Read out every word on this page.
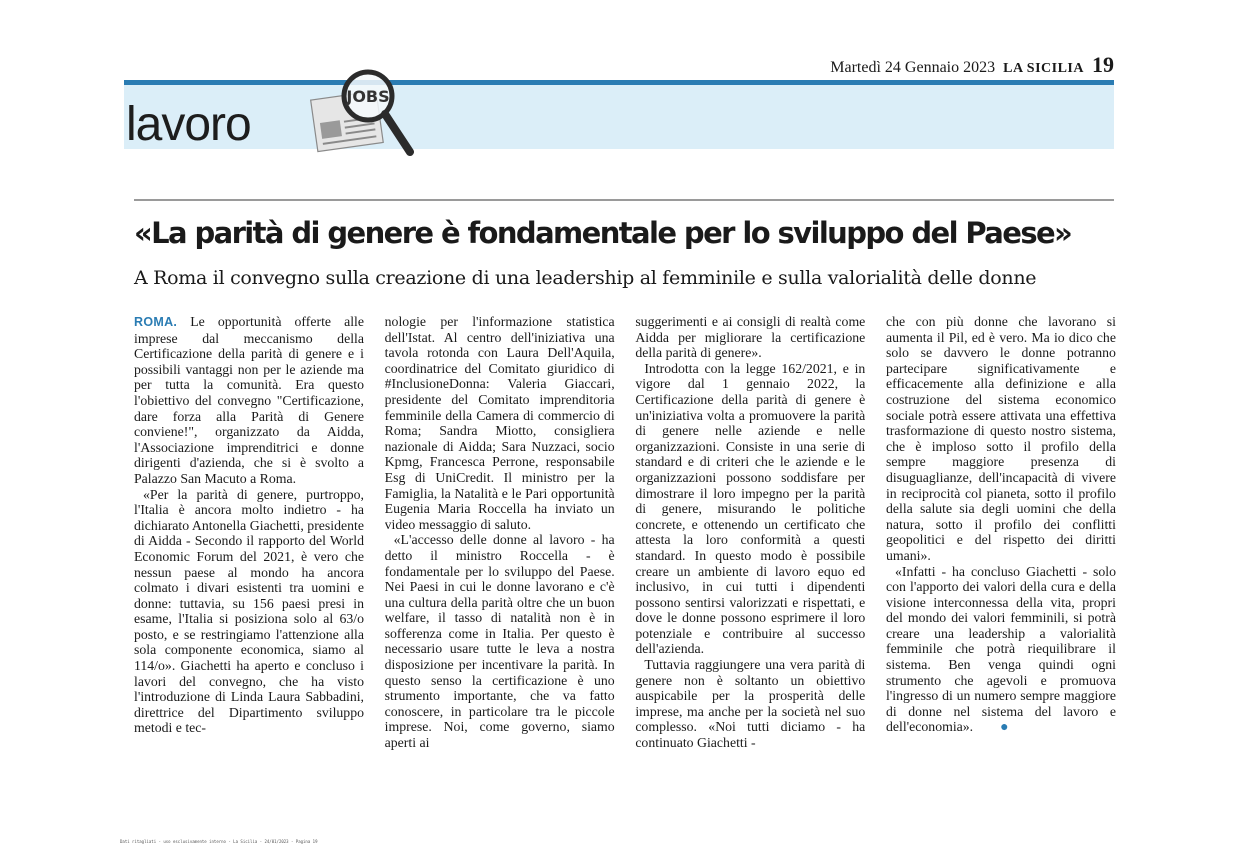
Martedì 24 Gennaio 2023 LA SICILIA 19
lavoro
JOBS
«La parità di genere è fondamentale per lo sviluppo del Paese»
A Roma il convegno sulla creazione di una leadership al femminile e sulla valorialità delle donne

ROMA. Le opportunità offerte alle imprese dal meccanismo della Certificazione della parità di genere e i possibili vantaggi non per le aziende ma per tutta la comunità. Era questo l'obiettivo del convegno "Certificazione, dare forza alla Parità di Genere conviene!", organizzato da Aidda, l'Associazione imprenditrici e donne dirigenti d'azienda, che si è svolto a Palazzo San Macuto a Roma.

«Per la parità di genere, purtroppo, l'Italia è ancora molto indietro - ha dichiarato Antonella Giachetti, presidente di Aidda - Secondo il rapporto del World Economic Forum del 2021, è vero che nessun paese al mondo ha ancora colmato i divari esistenti tra uomini e donne: tuttavia, su 156 paesi presi in esame, l'Italia si posiziona solo al 63/o posto, e se restringiamo l'attenzione alla sola componente economica, siamo al 114/o». Giachetti ha aperto e concluso i lavori del convegno, che ha visto l'introduzione di Linda Laura Sabbadini, direttrice del Dipartimento sviluppo metodi e tec-

nologie per l'informazione statistica dell'Istat. Al centro dell'iniziativa una tavola rotonda con Laura Dell'Aquila, coordinatrice del Comitato giuridico di #InclusioneDonna: Valeria Giaccari, presidente del Comitato imprenditoria femminile della Camera di commercio di Roma; Sandra Miotto, consigliera nazionale di Aidda; Sara Nuzzaci, socio Kpmg, Francesca Perrone, responsabile Esg di UniCredit. Il ministro per la Famiglia, la Natalità e le Pari opportunità Eugenia Maria Roccella ha inviato un video messaggio di saluto.

«L'accesso delle donne al lavoro - ha detto il ministro Roccella - è fondamentale per lo sviluppo del Paese. Nei Paesi in cui le donne lavorano e c'è una cultura della parità oltre che un buon welfare, il tasso di natalità non è in sofferenza come in Italia. Per questo è necessario usare tutte le leva a nostra disposizione per incentivare la parità. In questo senso la certificazione è uno strumento importante, che va fatto conoscere, in particolare tra le piccole imprese. Noi, come governo, siamo aperti ai

suggerimenti e ai consigli di realtà come Aidda per migliorare la certificazione della parità di genere».

Introdotta con la legge 162/2021, e in vigore dal 1 gennaio 2022, la Certificazione della parità di genere è un'iniziativa volta a promuovere la parità di genere nelle aziende e nelle organizzazioni. Consiste in una serie di standard e di criteri che le aziende e le organizzazioni possono soddisfare per dimostrare il loro impegno per la parità di genere, misurando le politiche concrete, e ottenendo un certificato che attesta la loro conformità a questi standard. In questo modo è possibile creare un ambiente di lavoro equo ed inclusivo, in cui tutti i dipendenti possono sentirsi valorizzati e rispettati, e dove le donne possono esprimere il loro potenziale e contribuire al successo dell'azienda.

Tuttavia raggiungere una vera parità di genere non è soltanto un obiettivo auspicabile per la prosperità delle imprese, ma anche per la società nel suo complesso. «Noi tutti diciamo - ha continuato Giachetti -

che con più donne che lavorano si aumenta il Pil, ed è vero. Ma io dico che solo se davvero le donne potranno partecipare significativamente e efficacemente alla definizione e alla costruzione del sistema economico sociale potrà essere attivata una effettiva trasformazione di questo nostro sistema, che è imploso sotto il profilo della sempre maggiore presenza di disuguaglianze, dell'incapacità di vivere in reciprocità col pianeta, sotto il profilo della salute sia degli uomini che della natura, sotto il profilo dei conflitti geopolitici e del rispetto dei diritti umani».

«Infatti - ha concluso Giachetti - solo con l'apporto dei valori della cura e della visione interconnessa della vita, propri del mondo dei valori femminili, si potrà creare una leadership a valorialità femminile che potrà riequilibrare il sistema. Ben venga quindi ogni strumento che agevoli e promuova l'ingresso di un numero sempre maggiore di donne nel sistema del lavoro e dell'economia». ●

Dati ritagliati - uso esclusivamente interno - La Sicilia - 24/01/2023 - Pagina 19
